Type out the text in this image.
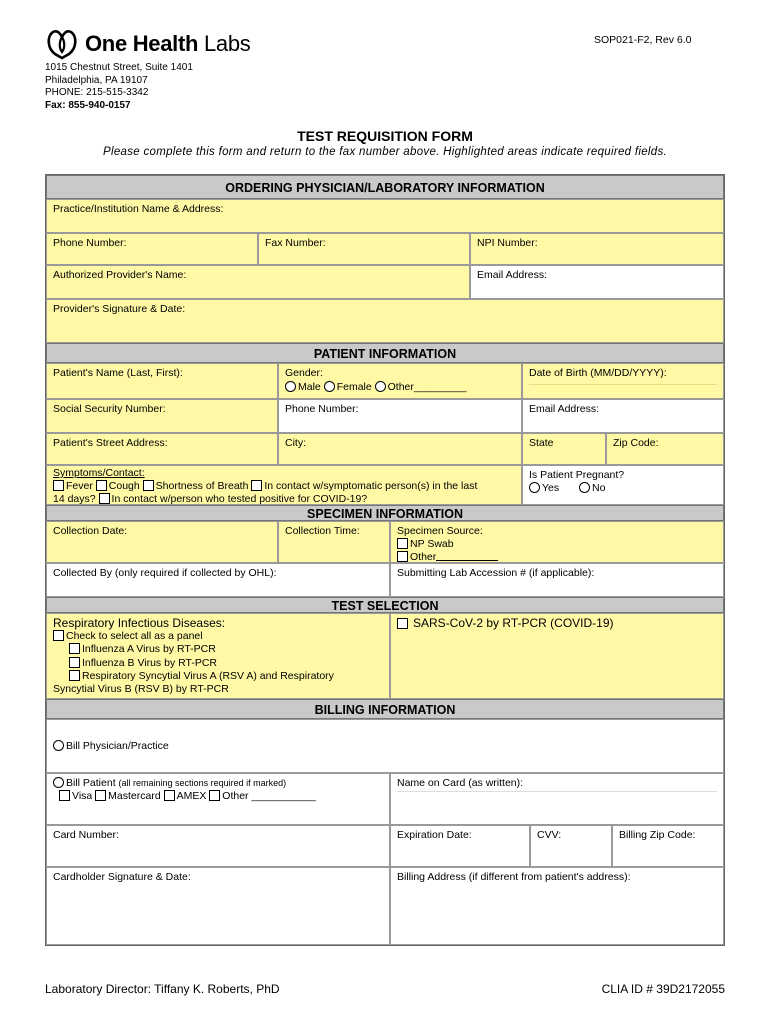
One Health Labs	SOP021-F2, Rev 6.0
1015 Chestnut Street, Suite 1401
Philadelphia, PA 19107
PHONE: 215-515-3342
Fax: 855-940-0157
TEST REQUISITION FORM
Please complete this form and return to the fax number above. Highlighted areas indicate required fields.
ORDERING PHYSICIAN/LABORATORY INFORMATION
Practice/Institution Name & Address:
Phone Number:	Fax Number:	NPI Number:
Authorized Provider's Name:	Email Address:
Provider's Signature & Date:
PATIENT INFORMATION
Patient's Name (Last, First):	Gender:
Male Female Other_________
Date of Birth (MM/DD/YYYY):
Social Security Number:	Phone Number:	Email Address:
Patient's Street Address:	City:	State	Zip Code:
Symptoms/Contact:
Fever Cough Shortness of Breath In contact w/symptomatic person(s) in the last
14 days? In contact w/person who tested positive for COVID-19?
Is Patient Pregnant?
Yes	No
SPECIMEN INFORMATION
Collection Date:	Collection Time:	Specimen Source:
NP Swab
Other
Collected By (only required if collected by OHL):	Submitting Lab Accession # (if applicable):
TEST SELECTION
Respiratory Infectious Diseases:
Check to select all as a panel
Influenza A Virus by RT-PCR
Influenza B Virus by RT-PCR
Respiratory Syncytial Virus A (RSV A) and Respiratory
Syncytial Virus B (RSV B) by RT-PCR
SARS-CoV-2 by RT-PCR (COVID-19)
BILLING INFORMATION
Bill Physician/Practice
Bill Patient (all remaining sections required if marked)
Visa Mastercard AMEX Other ___________
Name on Card (as written):
Card Number:	Expiration Date:	CVV:	Billing Zip Code:
Cardholder Signature & Date:	Billing Address (if different from patient's address):
Laboratory Director: Tiffany K. Roberts, PhD	CLIA ID # 39D2172055
